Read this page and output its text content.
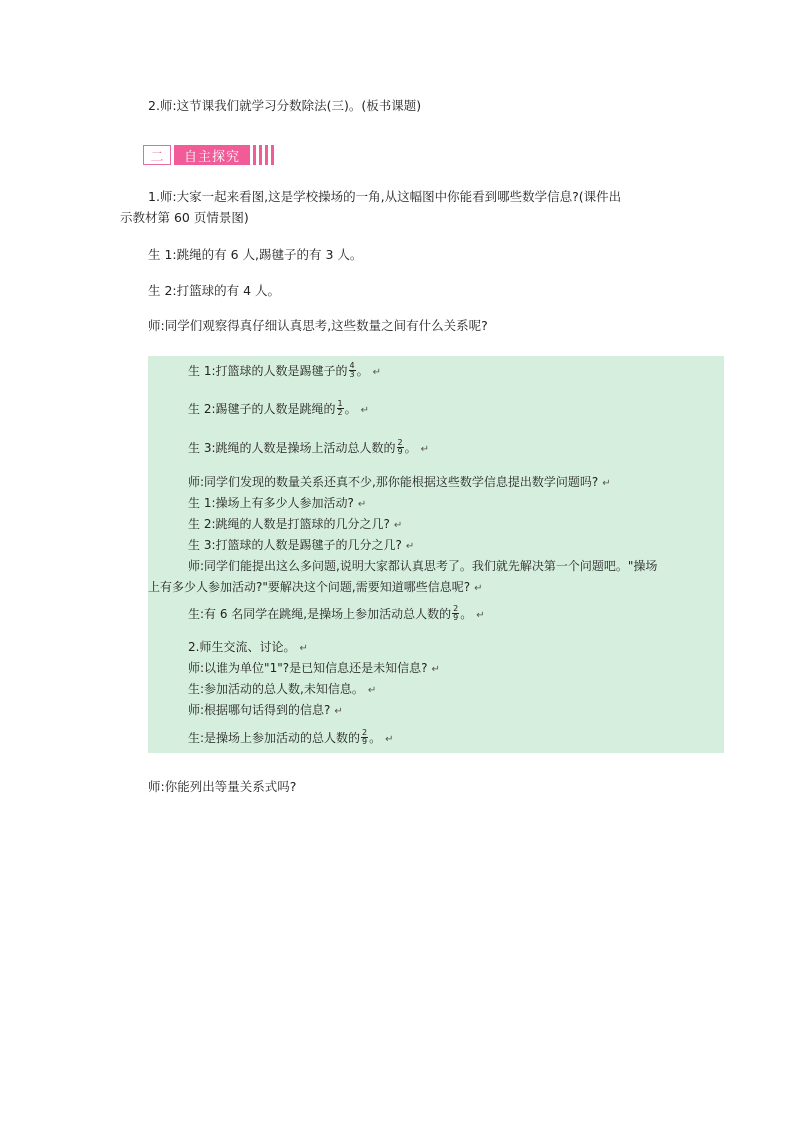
2.师:这节课我们就学习分数除法(三)。(板书课题)
二	自主探究
1.师:大家一起来看图,这是学校操场的一角,从这幅图中你能看到哪些数学信息?(课件出
示教材第 60 页情景图)
生 1:跳绳的有 6 人,踢毽子的有 3 人。
生 2:打篮球的有 4 人。
师:同学们观察得真仔细认真思考,这些数量之间有什么关系呢?
生 1:打篮球的人数是踢毽子的 $\frac{4}{3}$ 。 ↵
生 2:踢毽子的人数是跳绳的 $\frac{1}{2}$ 。 ↵
生 3:跳绳的人数是操场上活动总人数的 $\frac{2}{9}$ 。 ↵
师:同学们发现的数量关系还真不少,那你能根据这些数学信息提出数学问题吗? ↵
生 1:操场上有多少人参加活动? ↵
生 2:跳绳的人数是打篮球的几分之几? ↵
生 3:打篮球的人数是踢毽子的几分之几? ↵
师:同学们能提出这么多问题,说明大家都认真思考了。我们就先解决第一个问题吧。"操场
上有多少人参加活动?"要解决这个问题,需要知道哪些信息呢? ↵
生:有 6 名同学在跳绳,是操场上参加活动总人数的 $\frac{2}{9}$ 。 ↵
2.师生交流、讨论。 ↵
师:以谁为单位"1"?是已知信息还是未知信息? ↵
生:参加活动的总人数,未知信息。 ↵
师:根据哪句话得到的信息? ↵
生:是操场上参加活动的总人数的 $\frac{2}{9}$ 。 ↵
师:你能列出等量关系式吗?
